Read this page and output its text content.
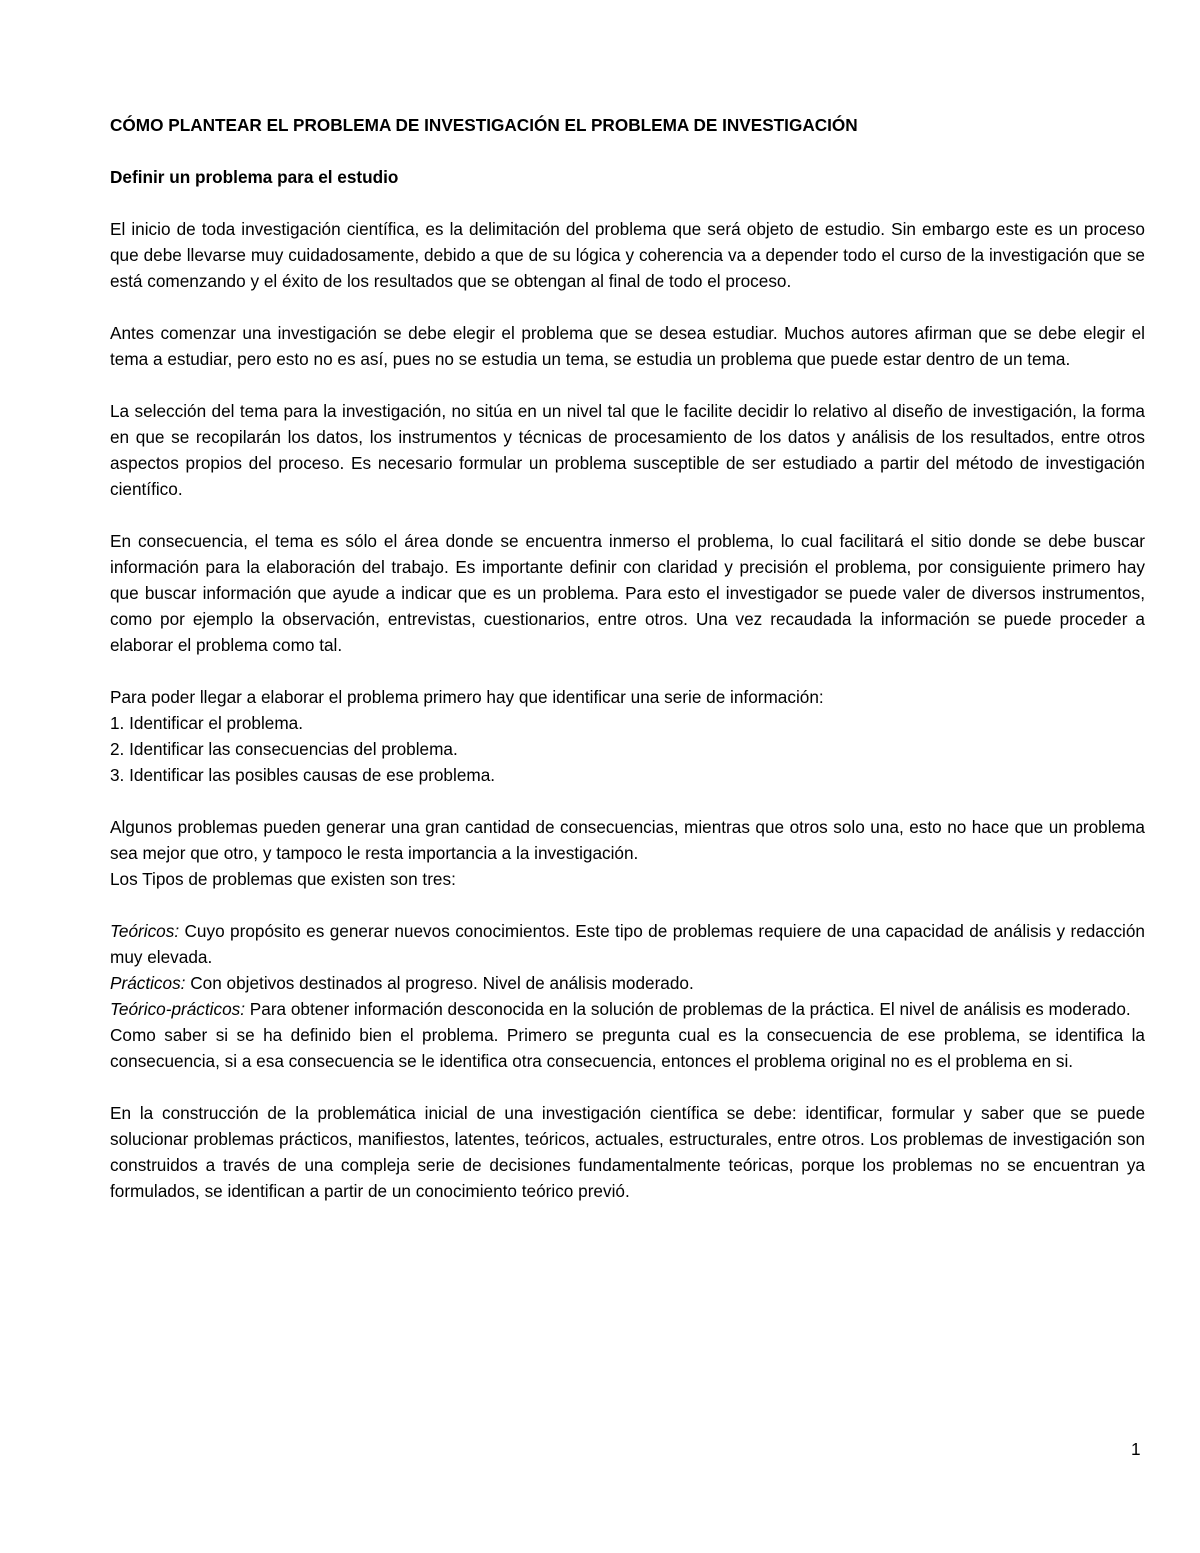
CÓMO PLANTEAR EL PROBLEMA DE INVESTIGACIÓN EL PROBLEMA DE INVESTIGACIÓN
Definir un problema para el estudio

El inicio de toda investigación científica, es la delimitación del problema que será objeto de estudio. Sin embargo este es un proceso que debe llevarse muy cuidadosamente, debido a que de su lógica y coherencia va a depender todo el curso de la investigación que se está comenzando y el éxito de los resultados que se obtengan al final de todo el proceso.

Antes comenzar una investigación se debe elegir el problema que se desea estudiar. Muchos autores afirman que se debe elegir el tema a estudiar, pero esto no es así, pues no se estudia un tema, se estudia un problema que puede estar dentro de un tema.

La selección del tema para la investigación, no sitúa en un nivel tal que le facilite decidir lo relativo al diseño de investigación, la forma en que se recopilarán los datos, los instrumentos y técnicas de procesamiento de los datos y análisis de los resultados, entre otros aspectos propios del proceso. Es necesario formular un problema susceptible de ser estudiado a partir del método de investigación científico.

En consecuencia, el tema es sólo el área donde se encuentra inmerso el problema, lo cual facilitará el sitio donde se debe buscar información para la elaboración del trabajo. Es importante definir con claridad y precisión el problema, por consiguiente primero hay que buscar información que ayude a indicar que es un problema. Para esto el investigador se puede valer de diversos instrumentos, como por ejemplo la observación, entrevistas, cuestionarios, entre otros. Una vez recaudada la información se puede proceder a elaborar el problema como tal.

Para poder llegar a elaborar el problema primero hay que identificar una serie de información:

1. Identificar el problema.

2. Identificar las consecuencias del problema.

3. Identificar las posibles causas de ese problema.

Algunos problemas pueden generar una gran cantidad de consecuencias, mientras que otros solo una, esto no hace que un problema sea mejor que otro, y tampoco le resta importancia a la investigación.

Los Tipos de problemas que existen son tres:

Teóricos: Cuyo propósito es generar nuevos conocimientos. Este tipo de problemas requiere de una capacidad de análisis y redacción muy elevada.

Prácticos: Con objetivos destinados al progreso. Nivel de análisis moderado.

Teórico-prácticos: Para obtener información desconocida en la solución de problemas de la práctica. El nivel de análisis es moderado.

Como saber si se ha definido bien el problema. Primero se pregunta cual es la consecuencia de ese problema, se identifica la consecuencia, si a esa consecuencia se le identifica otra consecuencia, entonces el problema original no es el problema en si.

En la construcción de la problemática inicial de una investigación científica se debe: identificar, formular y saber que se puede solucionar problemas prácticos, manifiestos, latentes, teóricos, actuales, estructurales, entre otros. Los problemas de investigación son construidos a través de una compleja serie de decisiones fundamentalmente teóricas, porque los problemas no se encuentran ya formulados, se identifican a partir de un conocimiento teórico previó.

1
